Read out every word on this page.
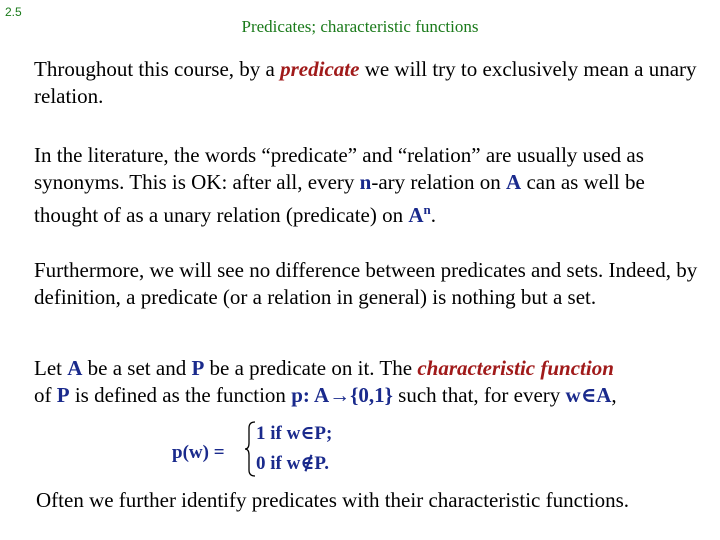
2.5
Predicates; characteristic functions

Throughout this course, by a predicate we will try to exclusively mean a unary relation.

In the literature, the words “predicate” and “relation” are usually used as synonyms. This is OK: after all, every n-ary relation on A can as well be thought of as a unary relation (predicate) on $A^n$.

Furthermore, we will see no difference between predicates and sets. Indeed, by definition, a predicate (or a relation in general) is nothing but a set.

Let A be a set and P be a predicate on it. The characteristic function
of P is defined as the function p: A→{0,1} such that, for every w∈A,

p(w) =
1 if w∈P;
0 if w∉P.
Often we further identify predicates with their characteristic functions.
